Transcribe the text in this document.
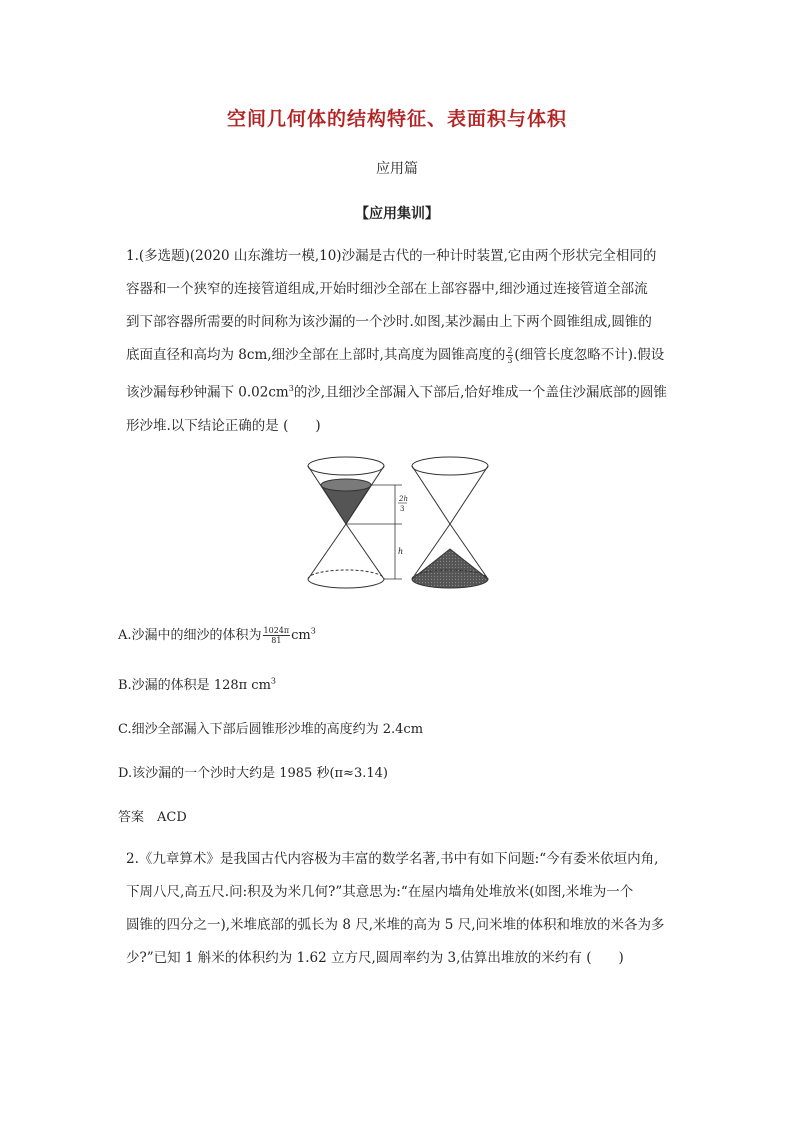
空间几何体的结构特征、表面积与体积
应用篇
【应用集训】

1.(多选题)(2020 山东潍坊一模,10)沙漏是古代的一种计时装置,它由两个形状完全相同的
容器和一个狭窄的连接管道组成,开始时细沙全部在上部容器中,细沙通过连接管道全部流
到下部容器所需要的时间称为该沙漏的一个沙时.如图,某沙漏由上下两个圆锥组成,圆锥的
底面直径和高均为 8cm,细沙全部在上部时,其高度为圆锥高度的 $\frac{2}{3}$ (细管长度忽略不计).假设
该沙漏每秒钟漏下 $0.02cm^3$的沙,且细沙全部漏入下部后,恰好堆成一个盖住沙漏底部的圆锥
形沙堆.以下结论正确的是 (　　)

2h
3
h

A.沙漏中的细沙的体积为 $\frac{1024\pi}{81} cm^3$

B.沙漏的体积是 128π $cm^3$

C.细沙全部漏入下部后圆锥形沙堆的高度约为 2.4cm

D.该沙漏的一个沙时大约是 1985 秒(π≈3.14)

答案　ACD

2.《九章算术》是我国古代内容极为丰富的数学名著,书中有如下问题:“今有委米依垣内角,
下周八尺,高五尺.问:积及为米几何?”其意思为:“在屋内墙角处堆放米(如图,米堆为一个
圆锥的四分之一),米堆底部的弧长为 8 尺,米堆的高为 5 尺,问米堆的体积和堆放的米各为多
少?”已知 1 斛米的体积约为 1.62 立方尺,圆周率约为 3,估算出堆放的米约有 (　　)
